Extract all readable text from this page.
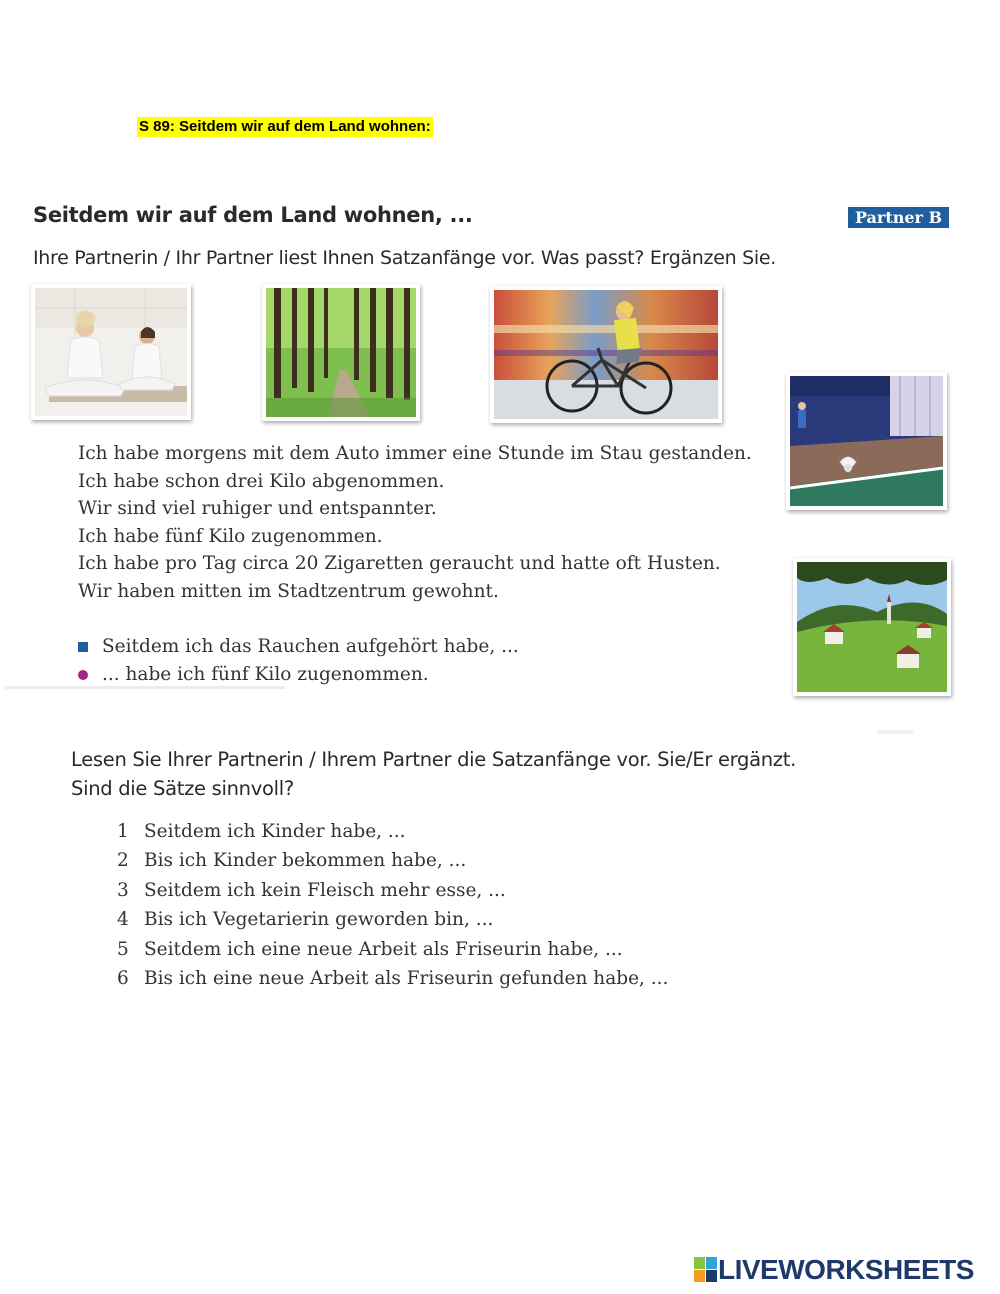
S 89: Seitdem wir auf dem Land wohnen:
Seitdem wir auf dem Land wohnen, ...	Partner B
Ihre Partnerin / Ihr Partner liest Ihnen Satzanfänge vor. Was passt? Ergänzen Sie.
Ich habe morgens mit dem Auto immer eine Stunde im Stau gestanden.
Ich habe schon drei Kilo abgenommen.
Wir sind viel ruhiger und entspannter.
Ich habe fünf Kilo zugenommen.
Ich habe pro Tag circa 20 Zigaretten geraucht und hatte oft Husten.
Wir haben mitten im Stadtzentrum gewohnt.
Seitdem ich das Rauchen aufgehört habe, ...
... habe ich fünf Kilo zugenommen.
Lesen Sie Ihrer Partnerin / Ihrem Partner die Satzanfänge vor. Sie/Er ergänzt.
Sind die Sätze sinnvoll?
1 Seitdem ich Kinder habe, ...
2 Bis ich Kinder bekommen habe, ...
3 Seitdem ich kein Fleisch mehr esse, ...
4 Bis ich Vegetarierin geworden bin, ...
5 Seitdem ich eine neue Arbeit als Friseurin habe, ...
6 Bis ich eine neue Arbeit als Friseurin gefunden habe, ...
LIVEWORKSHEETS
